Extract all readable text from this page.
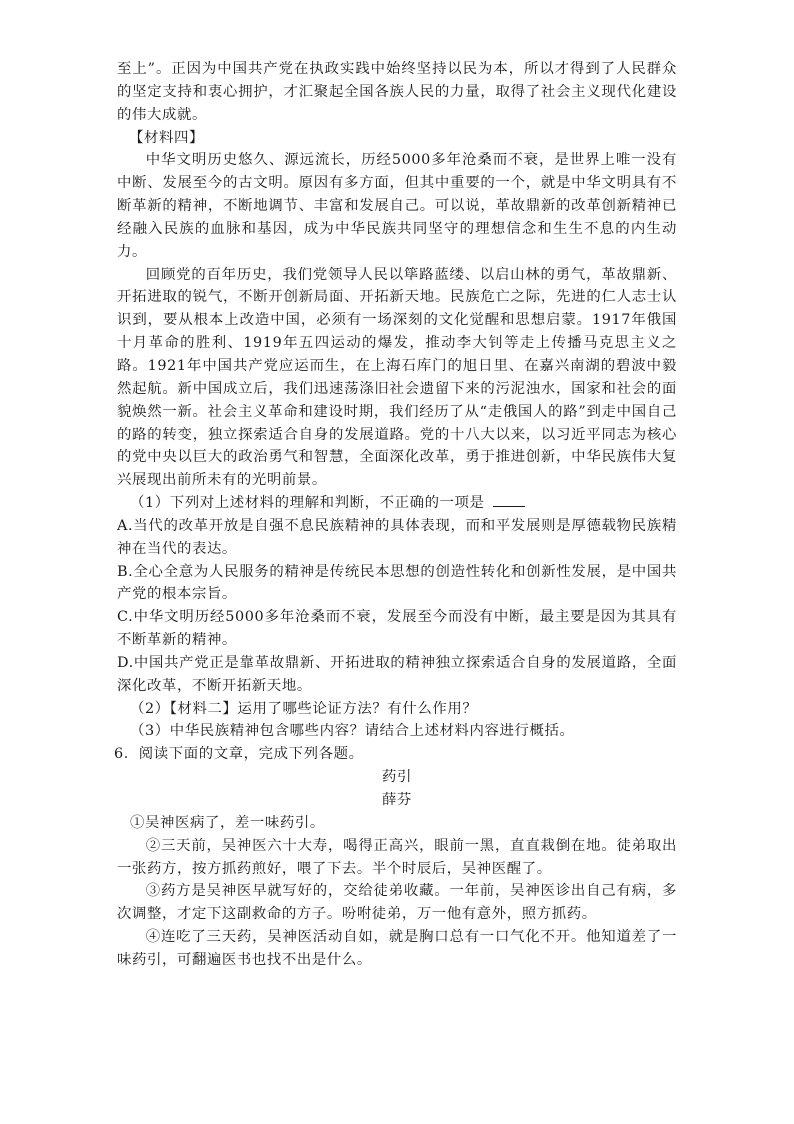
至上”。正因为中国共产党在执政实践中始终坚持以民为本，所以才得到了人民群众的坚定支持和衷心拥护，才汇聚起全国各族人民的力量，取得了社会主义现代化建设的伟大成就。

【材料四】

中华文明历史悠久、源远流长，历经5000多年沧桑而不衰，是世界上唯一没有中断、发展至今的古文明。原因有多方面，但其中重要的一个，就是中华文明具有不断革新的精神，不断地调节、丰富和发展自己。可以说，革故鼎新的改革创新精神已经融入民族的血脉和基因，成为中华民族共同坚守的理想信念和生生不息的内生动力。

回顾党的百年历史，我们党领导人民以筚路蓝缕、以启山林的勇气，革故鼎新、开拓进取的锐气，不断开创新局面、开拓新天地。民族危亡之际，先进的仁人志士认识到，要从根本上改造中国，必须有一场深刻的文化觉醒和思想启蒙。1917年俄国十月革命的胜利、1919年五四运动的爆发，推动李大钊等走上传播马克思主义之路。1921年中国共产党应运而生，在上海石库门的旭日里、在嘉兴南湖的碧波中毅然起航。新中国成立后，我们迅速荡涤旧社会遗留下来的污泥浊水，国家和社会的面貌焕然一新。社会主义革命和建设时期，我们经历了从“走俄国人的路”到走中国自己的路的转变，独立探索适合自身的发展道路。党的十八大以来，以习近平同志为核心的党中央以巨大的政治勇气和智慧，全面深化改革，勇于推进创新，中华民族伟大复兴展现出前所未有的光明前景。

（1）下列对上述材料的理解和判断，不正确的一项是

A.当代的改革开放是自强不息民族精神的具体表现，而和平发展则是厚德载物民族精神在当代的表达。

B.全心全意为人民服务的精神是传统民本思想的创造性转化和创新性发展，是中国共产党的根本宗旨。

C.中华文明历经5000多年沧桑而不衰，发展至今而没有中断，最主要是因为其具有不断革新的精神。

D.中国共产党正是靠革故鼎新、开拓进取的精神独立探索适合自身的发展道路，全面深化改革，不断开拓新天地。

（2）【材料二】运用了哪些论证方法？有什么作用？

（3）中华民族精神包含哪些内容？请结合上述材料内容进行概括。

6．阅读下面的文章，完成下列各题。

药引

薛芬

①吴神医病了，差一味药引。

②三天前，吴神医六十大寿，喝得正高兴，眼前一黑，直直栽倒在地。徒弟取出一张药方，按方抓药煎好，喂了下去。半个时辰后，吴神医醒了。

③药方是吴神医早就写好的，交给徒弟收藏。一年前，吴神医诊出自己有病，多次调整，才定下这副救命的方子。吩咐徒弟，万一他有意外，照方抓药。

④连吃了三天药，吴神医活动自如，就是胸口总有一口气化不开。他知道差了一味药引，可翻遍医书也找不出是什么。
